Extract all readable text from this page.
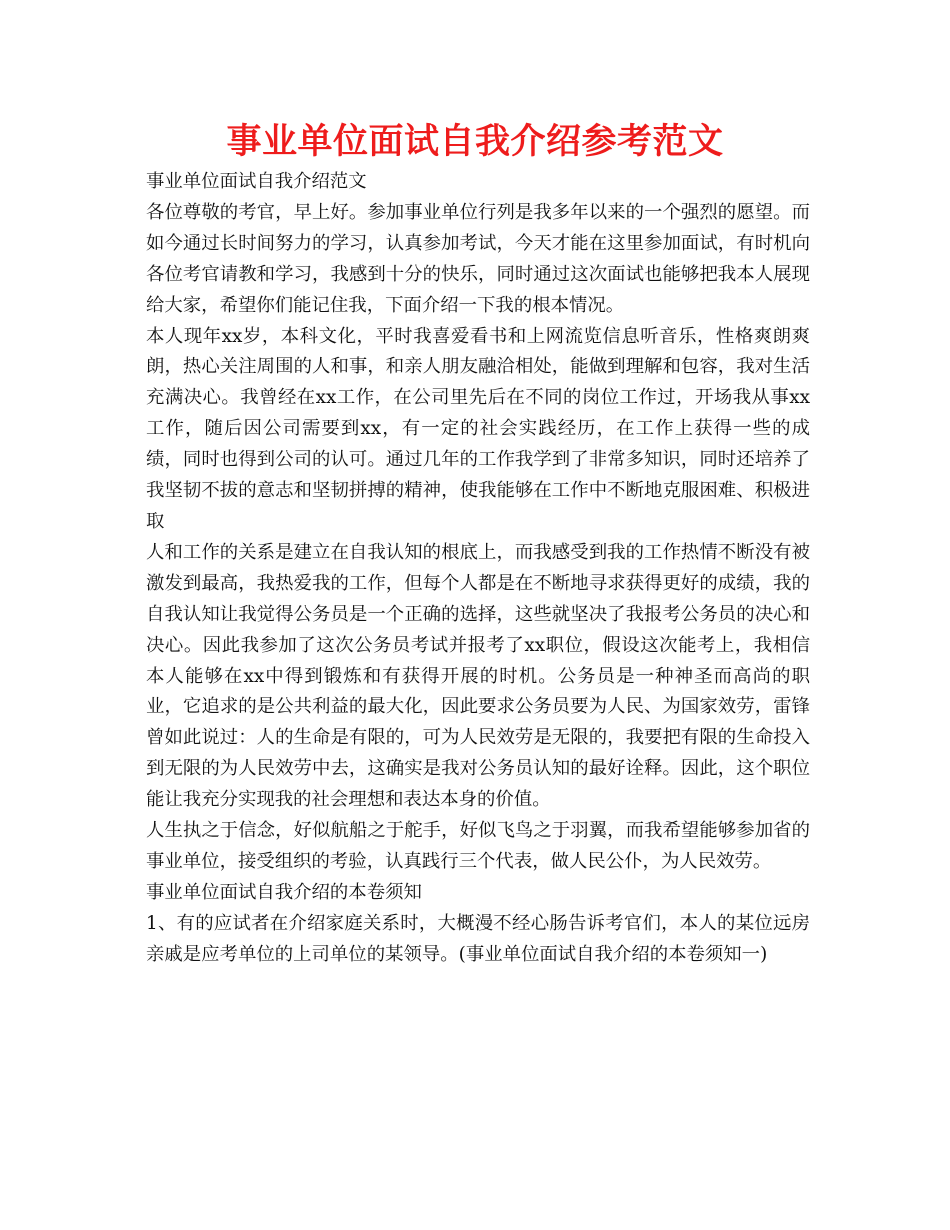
事业单位面试自我介绍参考范文

事业单位面试自我介绍范文

各位尊敬的考官，早上好。参加事业单位行列是我多年以来的一个强烈的愿望。而如今通过长时间努力的学习，认真参加考试，今天才能在这里参加面试，有时机向各位考官请教和学习，我感到十分的快乐，同时通过这次面试也能够把我本人展现给大家，希望你们能记住我，下面介绍一下我的根本情况。

本人现年xx岁，本科文化，平时我喜爱看书和上网流览信息听音乐，性格爽朗爽朗，热心关注周围的人和事，和亲人朋友融洽相处，能做到理解和包容，我对生活充满决心。我曾经在xx工作，在公司里先后在不同的岗位工作过，开场我从事xx工作，随后因公司需要到xx，有一定的社会实践经历，在工作上获得一些的成绩，同时也得到公司的认可。通过几年的工作我学到了非常多知识，同时还培养了我坚韧不拔的意志和坚韧拼搏的精神，使我能够在工作中不断地克服困难、积极进取

人和工作的关系是建立在自我认知的根底上，而我感受到我的工作热情不断没有被激发到最高，我热爱我的工作，但每个人都是在不断地寻求获得更好的成绩，我的自我认知让我觉得公务员是一个正确的选择，这些就坚决了我报考公务员的决心和决心。因此我参加了这次公务员考试并报考了xx职位，假设这次能考上，我相信本人能够在xx中得到锻炼和有获得开展的时机。公务员是一种神圣而高尚的职业，它追求的是公共利益的最大化，因此要求公务员要为人民、为国家效劳，雷锋曾如此说过：人的生命是有限的，可为人民效劳是无限的，我要把有限的生命投入到无限的为人民效劳中去，这确实是我对公务员认知的最好诠释。因此，这个职位能让我充分实现我的社会理想和表达本身的价值。

人生执之于信念，好似航船之于舵手，好似飞鸟之于羽翼，而我希望能够参加省的事业单位，接受组织的考验，认真践行三个代表，做人民公仆，为人民效劳。

事业单位面试自我介绍的本卷须知

1、有的应试者在介绍家庭关系时，大概漫不经心肠告诉考官们，本人的某位远房亲戚是应考单位的上司单位的某领导。(事业单位面试自我介绍的本卷须知一)
